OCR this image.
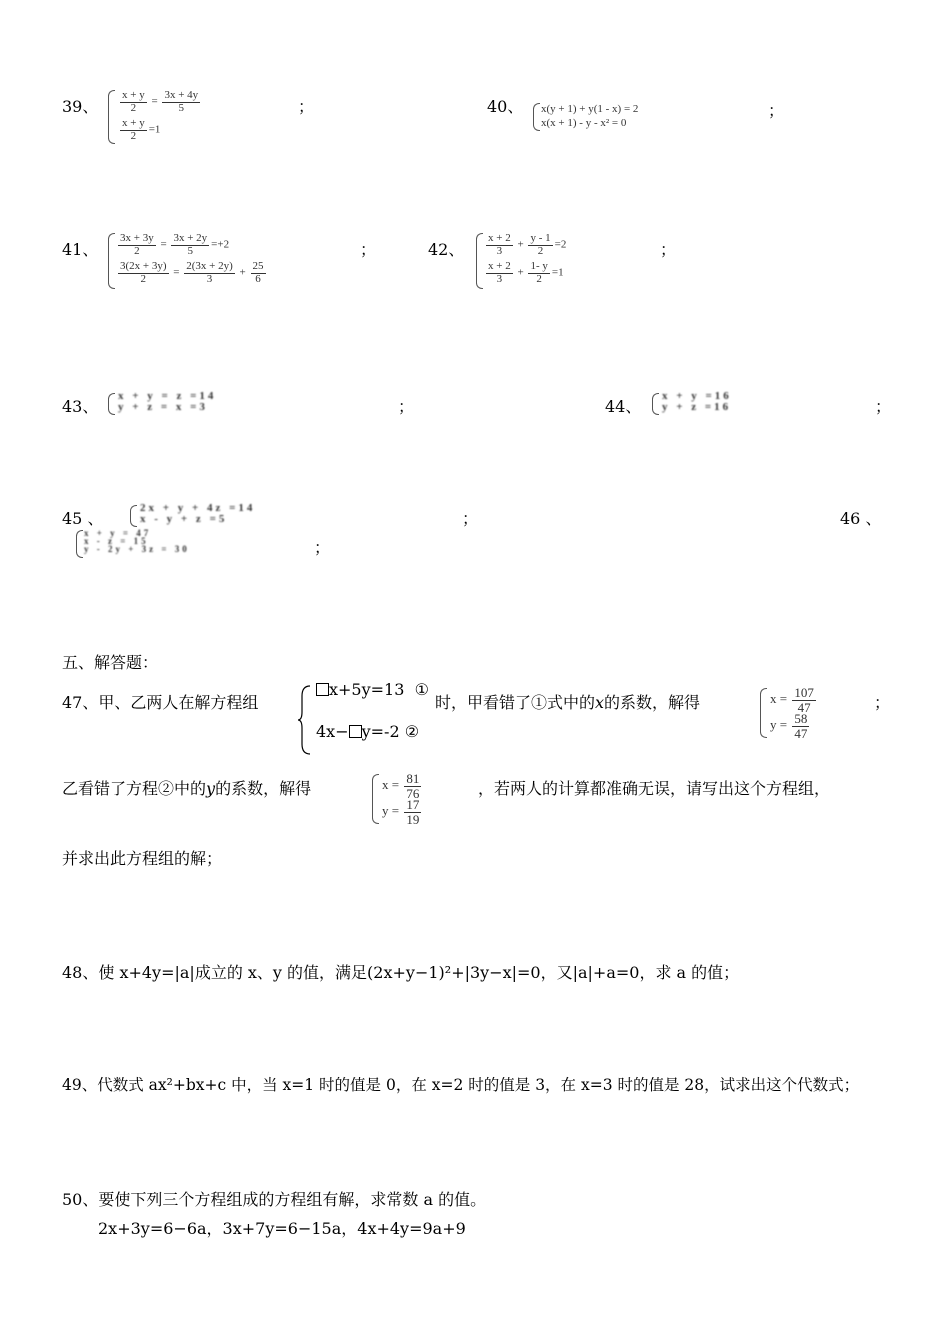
39、 $\frac{x + y}{2} = \frac{3x + 4y}{5}$
$\frac{x + y}{2} =1$
；	40、 x(y + 1) + y(1 - x) = 2
x(x + 1) - y - x² = 0
；
41、 $\frac{3x + 3y}{2} = \frac{3x + 2y}{5} =+2$
$\frac{3(2x + 3y)}{2} = \frac{2(3x + 2y)}{3} + \frac{25}{6}$
；	42、 $\frac{x + 2}{3} + \frac{y - 1}{2} =2$
$\frac{x + 2}{3} + \frac{1- y}{2} =1$
；
43、
x + y = z =14
y + z = x =3	；	44、
x + y =16
y + z =16	；
45 、
2x + y + 4z =14
x - y + z =5	；	46 、
x + y = 47
x - z = 15
y - 2y + 3z = 30	；
五、解答题：
47、甲、乙两人在解方程组
x+5y=13 ①
4x− y=-2 ②
时，甲看错了①式中的x的系数，解得	$x = \frac{107}{47}$
$y = \frac{58}{47}$
；
乙看错了方程②中的y的系数，解得	$x = \frac{81}{76}$
$y = \frac{17}{19}$
，若两人的计算都准确无误，请写出这个方程组，
并求出此方程组的解；
48、使 x+4y=|a|成立的 x、y 的值，满足(2x+y−1)²+|3y−x|=0，又|a|+a=0，求 a 的值；
49、代数式 ax²+bx+c 中，当 x=1 时的值是 0，在 x=2 时的值是 3，在 x=3 时的值是 28，试求出这个代数式；
50、要使下列三个方程组成的方程组有解，求常数 a 的值。
2x+3y=6−6a，3x+7y=6−15a，4x+4y=9a+9
